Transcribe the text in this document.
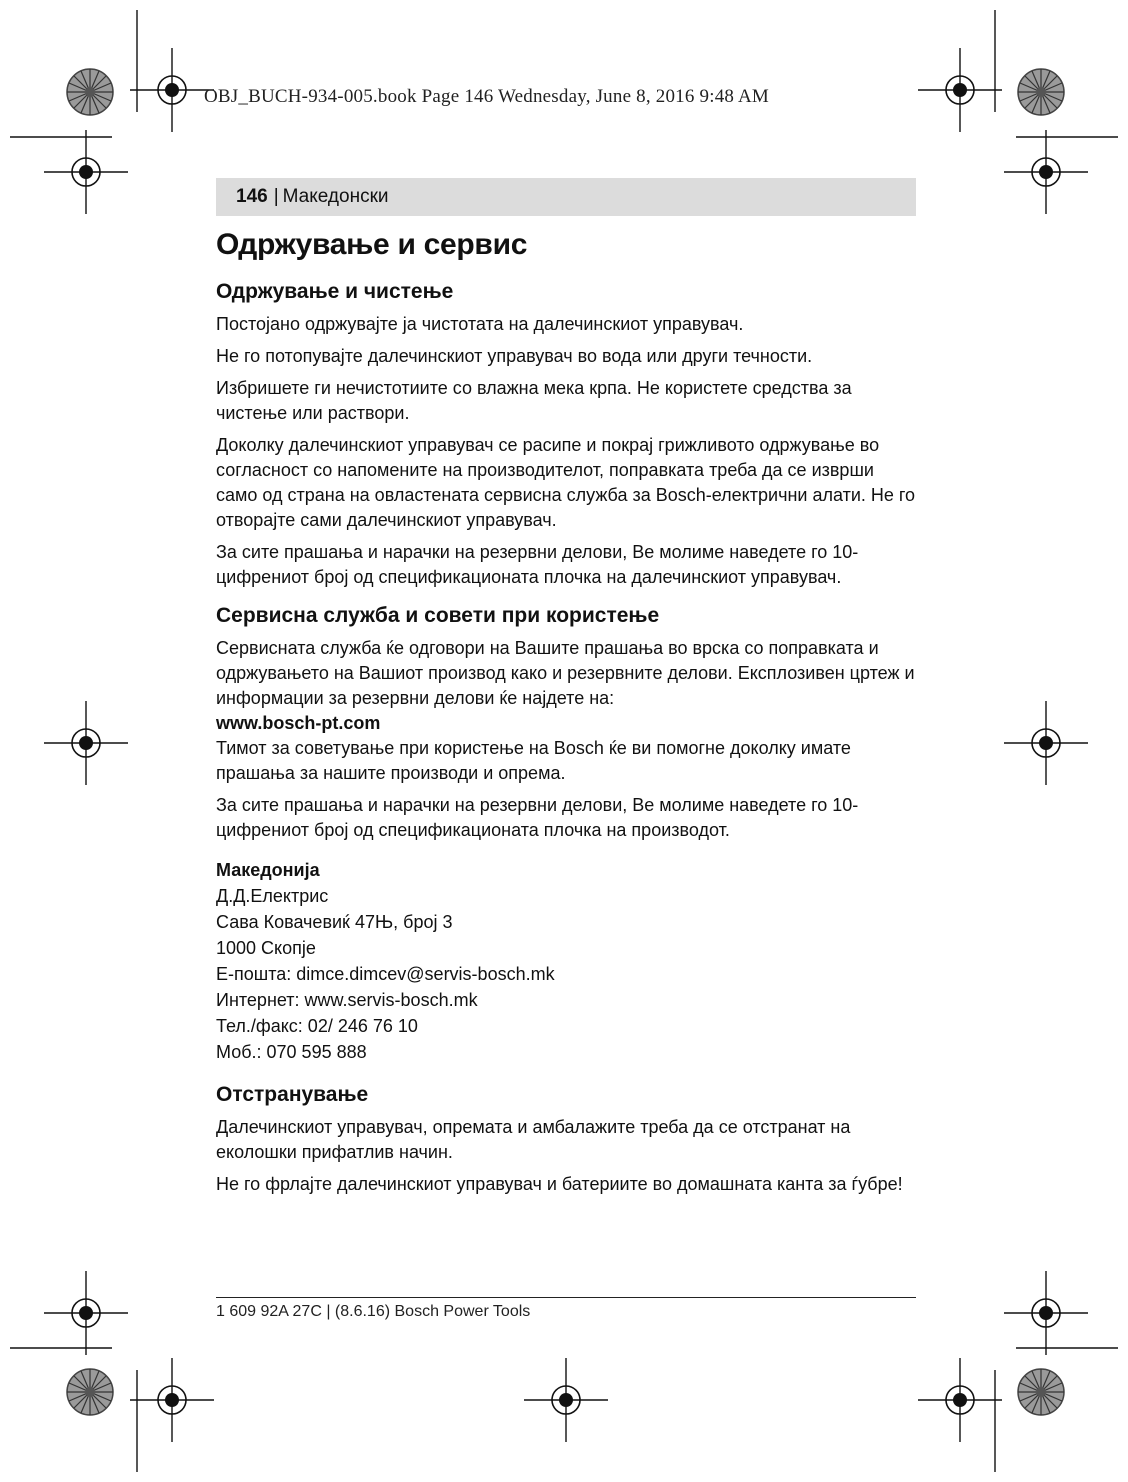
OBJ_BUCH-934-005.book Page 146 Wednesday, June 8, 2016 9:48 AM
146 | Македонски
Одржување и сервис
Одржување и чистење

Постојано одржувајте ја чистотата на далечинскиот управувач.

Не го потопувајте далечинскиот управувач во вода или други течности.

Избришете ги нечистотиите со влажна мека крпа. Не користете средства за чистење или раствори.

Доколку далечинскиот управувач се расипе и покрај грижливото одржување во согласност со напомените на производителот, поправката треба да се изврши само од страна на овластената сервисна служба за Bosch-електрични алати. Не го отворајте сами далечинскиот управувач.

За сите прашања и нарачки на резервни делови, Ве молиме наведете го 10-цифрениот број од спецификационата плочка на далечинскиот управувач.

Сервисна служба и совети при користење

Сервисната служба ќе одговори на Вашите прашања во врска со поправката и одржувањето на Вашиот производ како и резервните делови. Експлозивен цртеж и информации за резервни делови ќе најдете на:

www.bosch-pt.com

Тимот за советување при користење на Bosch ќе ви помогне доколку имате прашања за нашите производи и опрема.

За сите прашања и нарачки на резервни делови, Ве молиме наведете го 10-цифрениот број од спецификационата плочка на производот.

Македонија
Д.Д.Електрис
Сава Ковачевиќ 47Њ, број 3
1000 Скопје
Е-пошта: dimce.dimcev@servis-bosch.mk
Интернет: www.servis-bosch.mk
Тел./факс: 02/ 246 76 10
Моб.: 070 595 888
Отстранување

Далечинскиот управувач, опремата и амбалажите треба да се отстранат на еколошки прифатлив начин.

Не го фрлајте далечинскиот управувач и батериите во домашната канта за ѓубре!

1 609 92A 27C | (8.6.16) Bosch Power Tools
